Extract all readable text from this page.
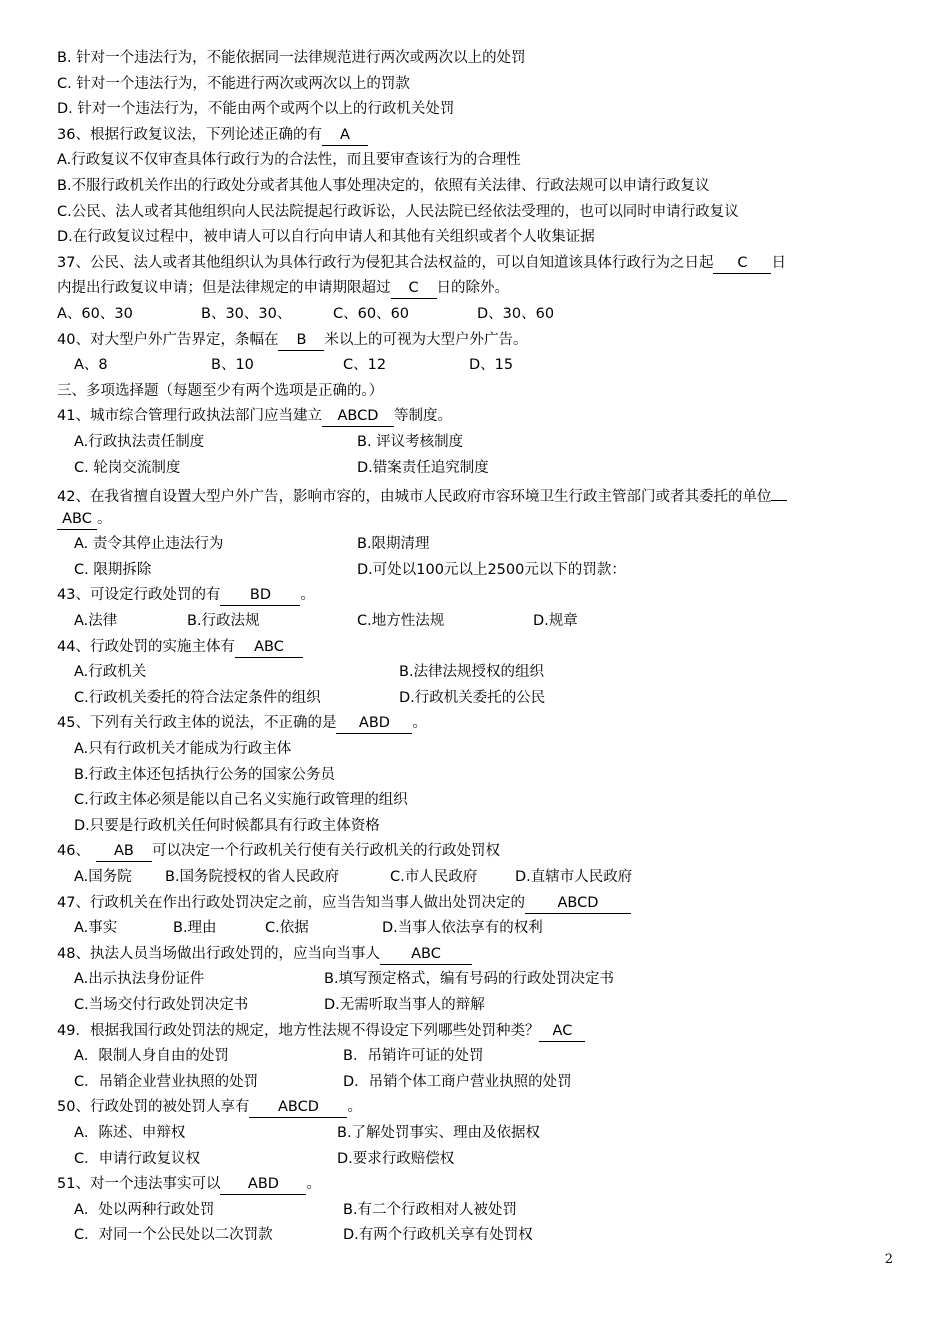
B. 针对一个违法行为，不能依据同一法律规范进行两次或两次以上的处罚
C. 针对一个违法行为，不能进行两次或两次以上的罚款
D. 针对一个违法行为，不能由两个或两个以上的行政机关处罚
36、根据行政复议法，下列论述正确的有 A
A.行政复议不仅审查具体行政行为的合法性，而且要审查该行为的合理性
B.不服行政机关作出的行政处分或者其他人事处理决定的，依照有关法律、行政法规可以申请行政复议
C.公民、法人或者其他组织向人民法院提起行政诉讼，人民法院已经依法受理的，也可以同时申请行政复议
D.在行政复议过程中，被申请人可以自行向申请人和其他有关组织或者个人收集证据
37、公民、法人或者其他组织认为具体行政行为侵犯其合法权益的，可以自知道该具体行政行为之日起 C 日
内提出行政复议申请；但是法律规定的申请期限超过 C 日的除外。
A、60、30	B、30、30、	C、60、60	D、30、60
40、对大型户外广告界定，条幅在 B 米以上的可视为大型户外广告。
A、8	B、10	C、12	D、15
三、多项选择题（每题至少有两个选项是正确的。）
41、城市综合管理行政执法部门应当建立 ABCD 等制度。
A.行政执法责任制度	B. 评议考核制度
C. 轮岗交流制度	D.错案责任追究制度
42、在我省擅自设置大型户外广告，影响市容的，由城市人民政府市容环境卫生行政主管部门或者其委托的单位
ABC 。
A. 责令其停止违法行为	B.限期清理
C. 限期拆除	D.可处以100元以上2500元以下的罚款：
43、可设定行政处罚的有 BD 。
A.法律	B.行政法规	C.地方性法规	D.规章
44、行政处罚的实施主体有 ABC
A.行政机关	B.法律法规授权的组织
C.行政机关委托的符合法定条件的组织	D.行政机关委托的公民
45、下列有关行政主体的说法，不正确的是 ABD 。
A.只有行政机关才能成为行政主体
B.行政主体还包括执行公务的国家公务员
C.行政主体必须是能以自己名义实施行政管理的组织
D.只要是行政机关任何时候都具有行政主体资格
46、 AB 可以决定一个行政机关行使有关行政机关的行政处罚权
A.国务院 B.国务院授权的省人民政府	C.市人民政府	D.直辖市人民政府
47、行政机关在作出行政处罚决定之前，应当告知当事人做出处罚决定的 ABCD
A.事实	B.理由	C.依据	D.当事人依法享有的权利
48、执法人员当场做出行政处罚的，应当向当事人 ABC
A.出示执法身份证件	B.填写预定格式，编有号码的行政处罚决定书
C.当场交付行政处罚决定书	D.无需听取当事人的辩解
49．根据我国行政处罚法的规定，地方性法规不得设定下列哪些处罚种类？ AC
A．限制人身自由的处罚	B．吊销许可证的处罚
C．吊销企业营业执照的处罚	D．吊销个体工商户营业执照的处罚
50、行政处罚的被处罚人享有 ABCD 。
A．陈述、申辩权	B.了解处罚事实、理由及依据权
C．申请行政复议权	D.要求行政赔偿权
51、对一个违法事实可以 ABD 。
A．处以两种行政处罚	B.有二个行政相对人被处罚
C．对同一个公民处以二次罚款	D.有两个行政机关享有处罚权
2
